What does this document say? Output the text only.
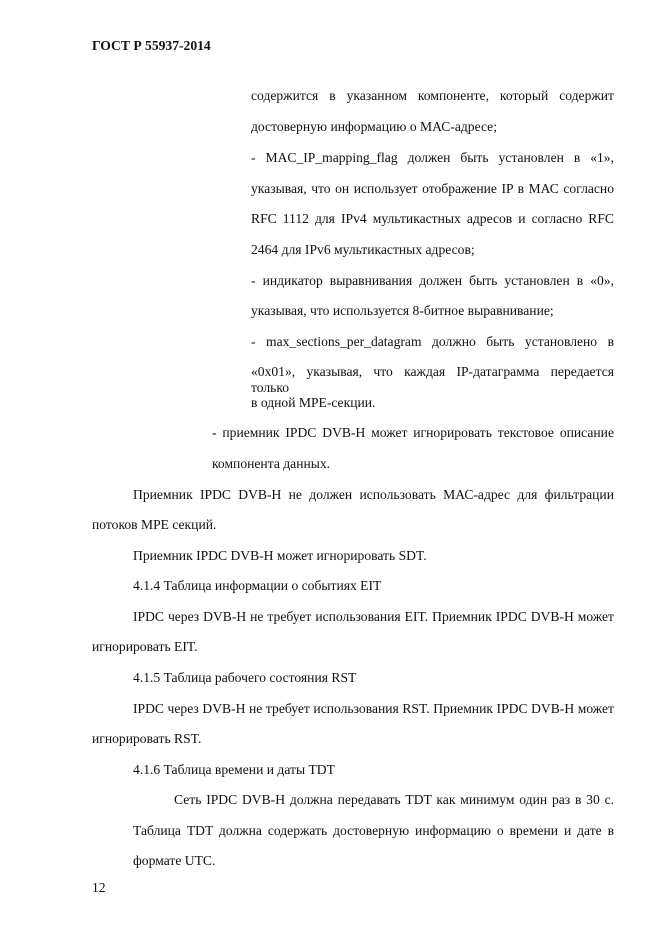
ГОСТ Р 55937-2014
содержится в указанном компоненте, который содержит
достоверную информацию о МАС-адресе;
- MAC_IP_mapping_flag должен быть установлен в «1»,
указывая, что он использует отображение IP в МАС согласно
RFC 1112 для IPv4 мультикастных адресов и согласно RFC
2464 для IPv6 мультикастных адресов;
- индикатор выравнивания должен быть установлен в «0»,
указывая, что используется 8-битное выравнивание;
- max_sections_per_datagram должно быть установлено в
«0x01», указывая, что каждая IP-датаграмма передается только
в одной МРЕ-секции.
- приемник IPDC DVB-H может игнорировать текстовое описание
компонента данных.
Приемник IPDC DVB-H не должен использовать МАС-адрес для фильтрации
потоков МРЕ секций.
Приемник IPDC DVB-H может игнорировать SDT.
4.1.4 Таблица информации о событиях EIT
IPDC через DVB-H не требует использования EIT. Приемник IPDC DVB-H может
игнорировать EIT.
4.1.5 Таблица рабочего состояния RST
IPDC через DVB-H не требует использования RST. Приемник IPDC DVB-H может
игнорировать RST.
4.1.6 Таблица времени и даты TDT
Сеть IPDC DVB-H должна передавать TDT как минимум один раз в 30 с.
Таблица TDT должна содержать достоверную информацию о времени и дате в
формате UTC.
12
